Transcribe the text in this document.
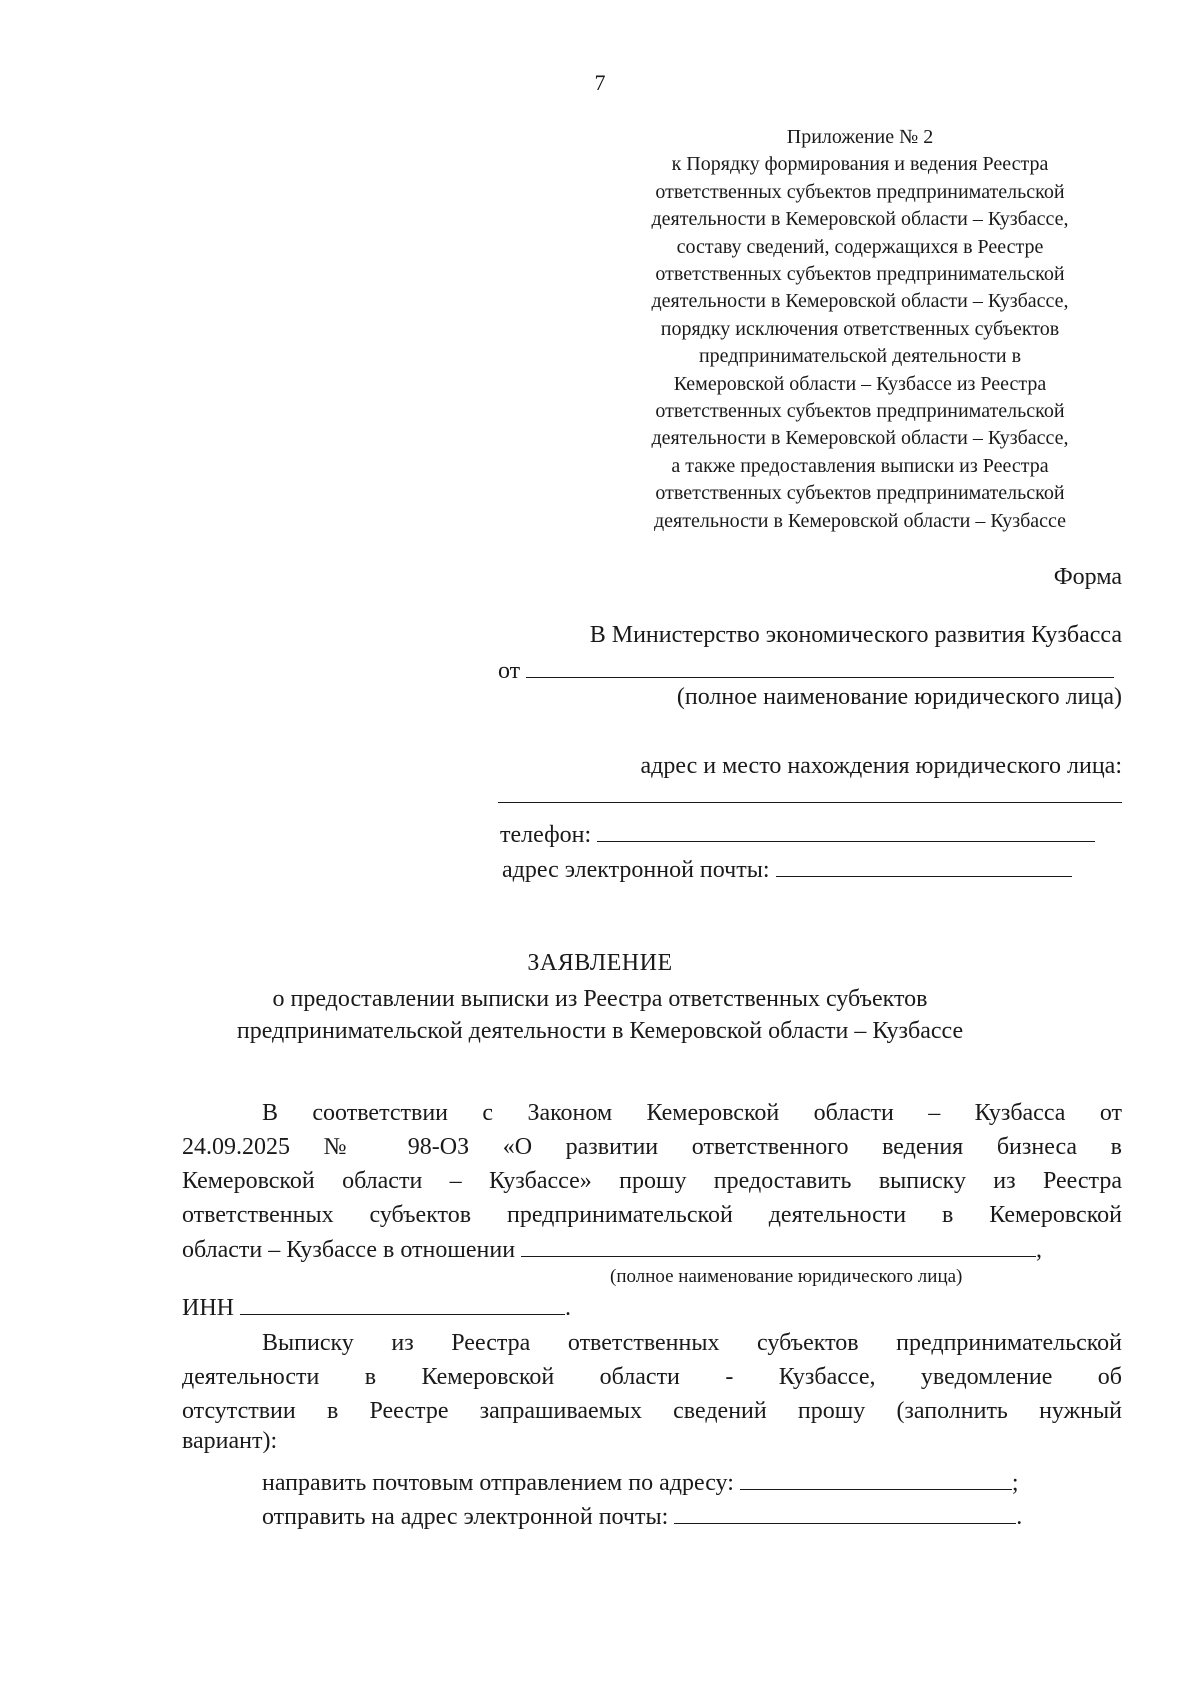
7
Приложение № 2
к Порядку формирования и ведения Реестра
ответственных субъектов предпринимательской
деятельности в Кемеровской области – Кузбассе,
составу сведений, содержащихся в Реестре
ответственных субъектов предпринимательской
деятельности в Кемеровской области – Кузбассе,
порядку исключения ответственных субъектов
предпринимательской деятельности в
Кемеровской области – Кузбассе из Реестра
ответственных субъектов предпринимательской
деятельности в Кемеровской области – Кузбассе,
а также предоставления выписки из Реестра
ответственных субъектов предпринимательской
деятельности в Кемеровской области – Кузбассе
Форма
В Министерство экономического развития Кузбасса
от
(полное наименование юридического лица)
адрес и место нахождения юридического лица:
телефон:
адрес электронной почты:
ЗАЯВЛЕНИЕ
о предоставлении выписки из Реестра ответственных субъектов
предпринимательской деятельности в Кемеровской области – Кузбассе
В соответствии с Законом Кемеровской области – Кузбасса от
24.09.2025 № 98-ОЗ «О развитии ответственного ведения бизнеса в
Кемеровской области – Кузбассе» прошу предоставить выписку из Реестра
ответственных субъектов предпринимательской деятельности в Кемеровской
области – Кузбассе в отношении	,
(полное наименование юридического лица)
ИНН	.
Выписку из Реестра ответственных субъектов предпринимательской
деятельности в Кемеровской области - Кузбассе, уведомление об
отсутствии в Реестре запрашиваемых сведений прошу (заполнить нужный
вариант):
направить почтовым отправлением по адресу:	;
отправить на адрес электронной почты:	.
